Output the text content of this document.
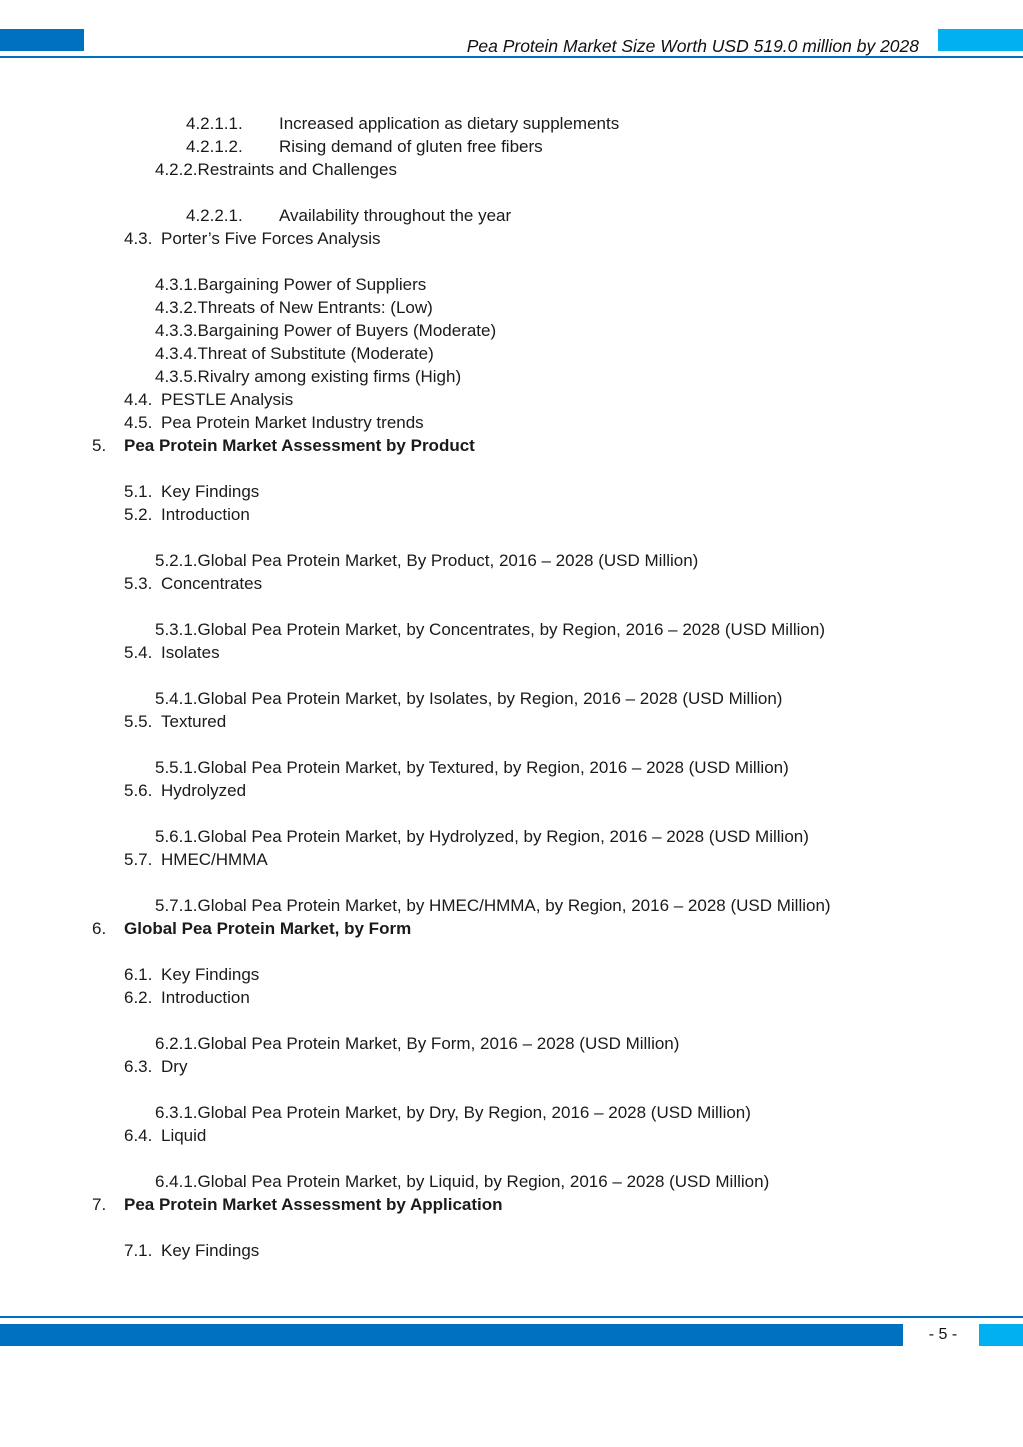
Pea Protein Market Size Worth USD 519.0 million by 2028
4.2.1.1. Increased application as dietary supplements
4.2.1.2. Rising demand of gluten free fibers
4.2.2.Restraints and Challenges
4.2.2.1. Availability throughout the year
4.3. Porter’s Five Forces Analysis
4.3.1.Bargaining Power of Suppliers
4.3.2.Threats of New Entrants: (Low)
4.3.3.Bargaining Power of Buyers (Moderate)
4.3.4.Threat of Substitute (Moderate)
4.3.5.Rivalry among existing firms (High)
4.4. PESTLE Analysis
4.5. Pea Protein Market Industry trends
5. Pea Protein Market Assessment by Product
5.1. Key Findings
5.2. Introduction
5.2.1.Global Pea Protein Market, By Product, 2016 – 2028 (USD Million)
5.3. Concentrates
5.3.1.Global Pea Protein Market, by Concentrates, by Region, 2016 – 2028 (USD Million)
5.4. Isolates
5.4.1.Global Pea Protein Market, by Isolates, by Region, 2016 – 2028 (USD Million)
5.5. Textured
5.5.1.Global Pea Protein Market, by Textured, by Region, 2016 – 2028 (USD Million)
5.6. Hydrolyzed
5.6.1.Global Pea Protein Market, by Hydrolyzed, by Region, 2016 – 2028 (USD Million)
5.7. HMEC/HMMA
5.7.1.Global Pea Protein Market, by HMEC/HMMA, by Region, 2016 – 2028 (USD Million)
6. Global Pea Protein Market, by Form
6.1. Key Findings
6.2. Introduction
6.2.1.Global Pea Protein Market, By Form, 2016 – 2028 (USD Million)
6.3. Dry
6.3.1.Global Pea Protein Market, by Dry, By Region, 2016 – 2028 (USD Million)
6.4. Liquid
6.4.1.Global Pea Protein Market, by Liquid, by Region, 2016 – 2028 (USD Million)
7. Pea Protein Market Assessment by Application
7.1. Key Findings
- 5 -
